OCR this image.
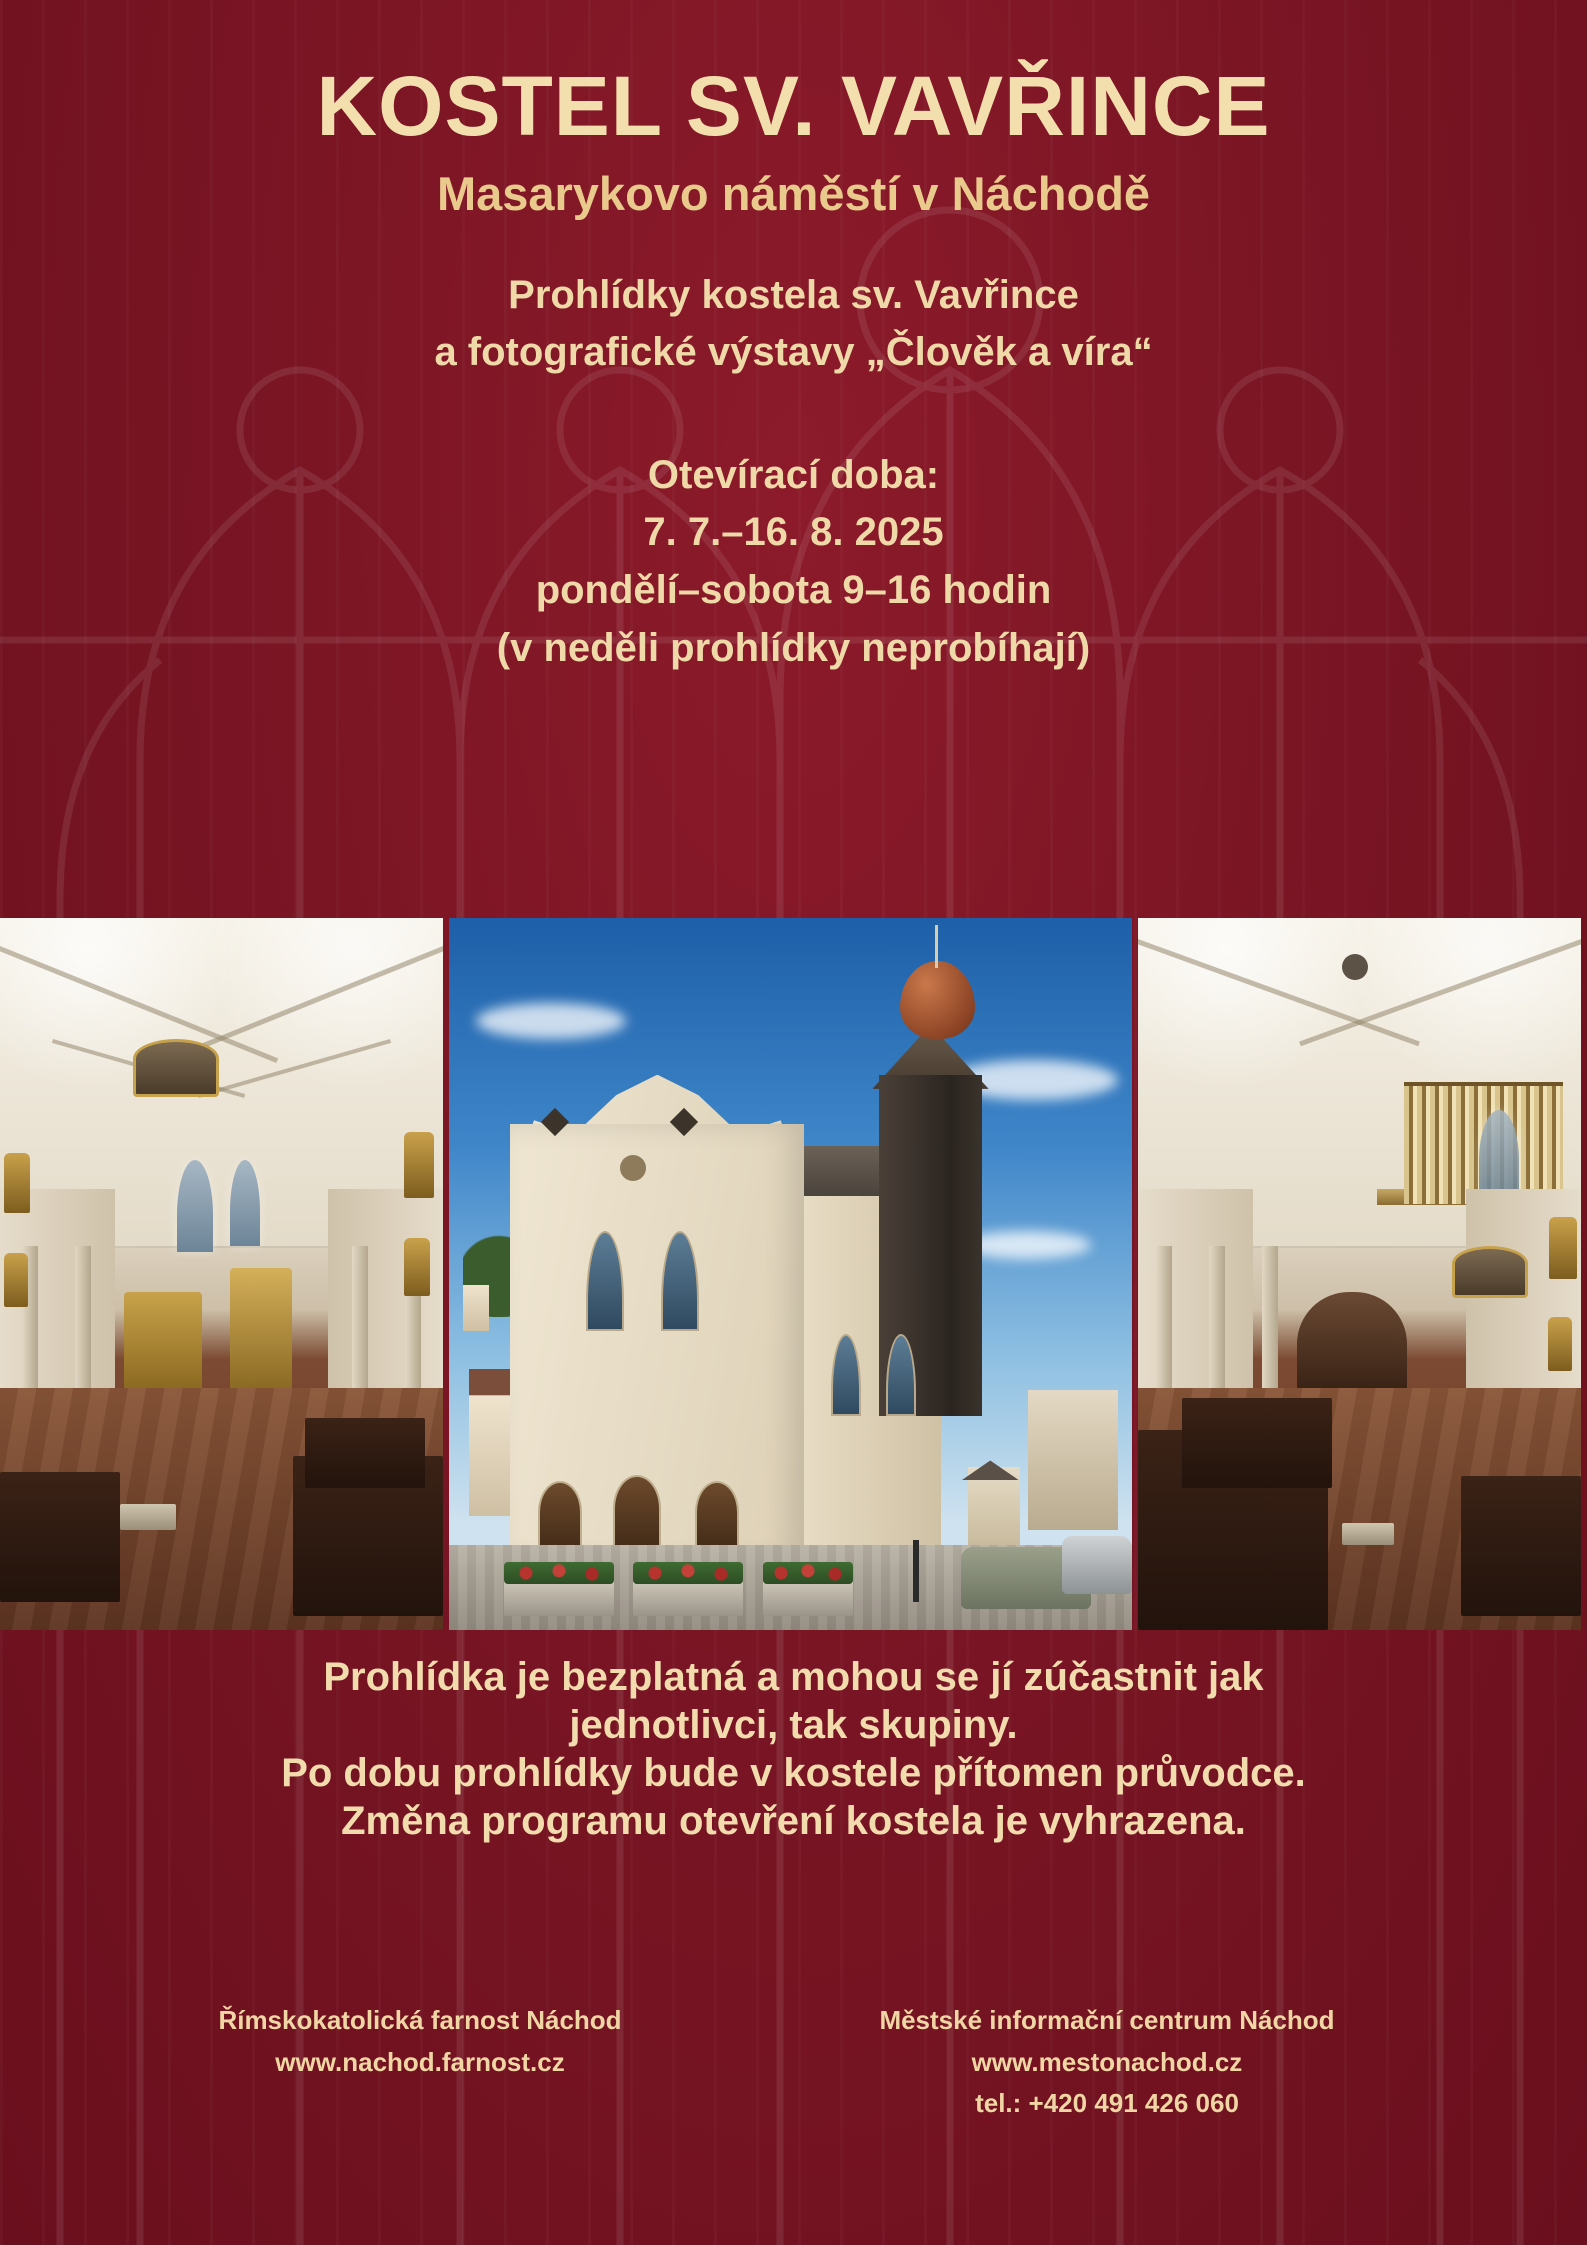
KOSTEL SV. VAVŘINCE
Masarykovo náměstí v Náchodě
Prohlídky kostela sv. Vavřince
a fotografické výstavy „Člověk a víra“
Otevírací doba:
7. 7.–16. 8. 2025
pondělí–sobota 9–16 hodin
(v neděli prohlídky neprobíhají)

Prohlídka je bezplatná a mohou se jí zúčastnit jak

jednotlivci, tak skupiny.

Po dobu prohlídky bude v kostele přítomen průvodce.

Změna programu otevření kostela je vyhrazena.

Římskokatolická farnost Náchod
www.nachod.farnost.cz
Městské informační centrum Náchod
www.mestonachod.cz
tel.: +420 491 426 060
